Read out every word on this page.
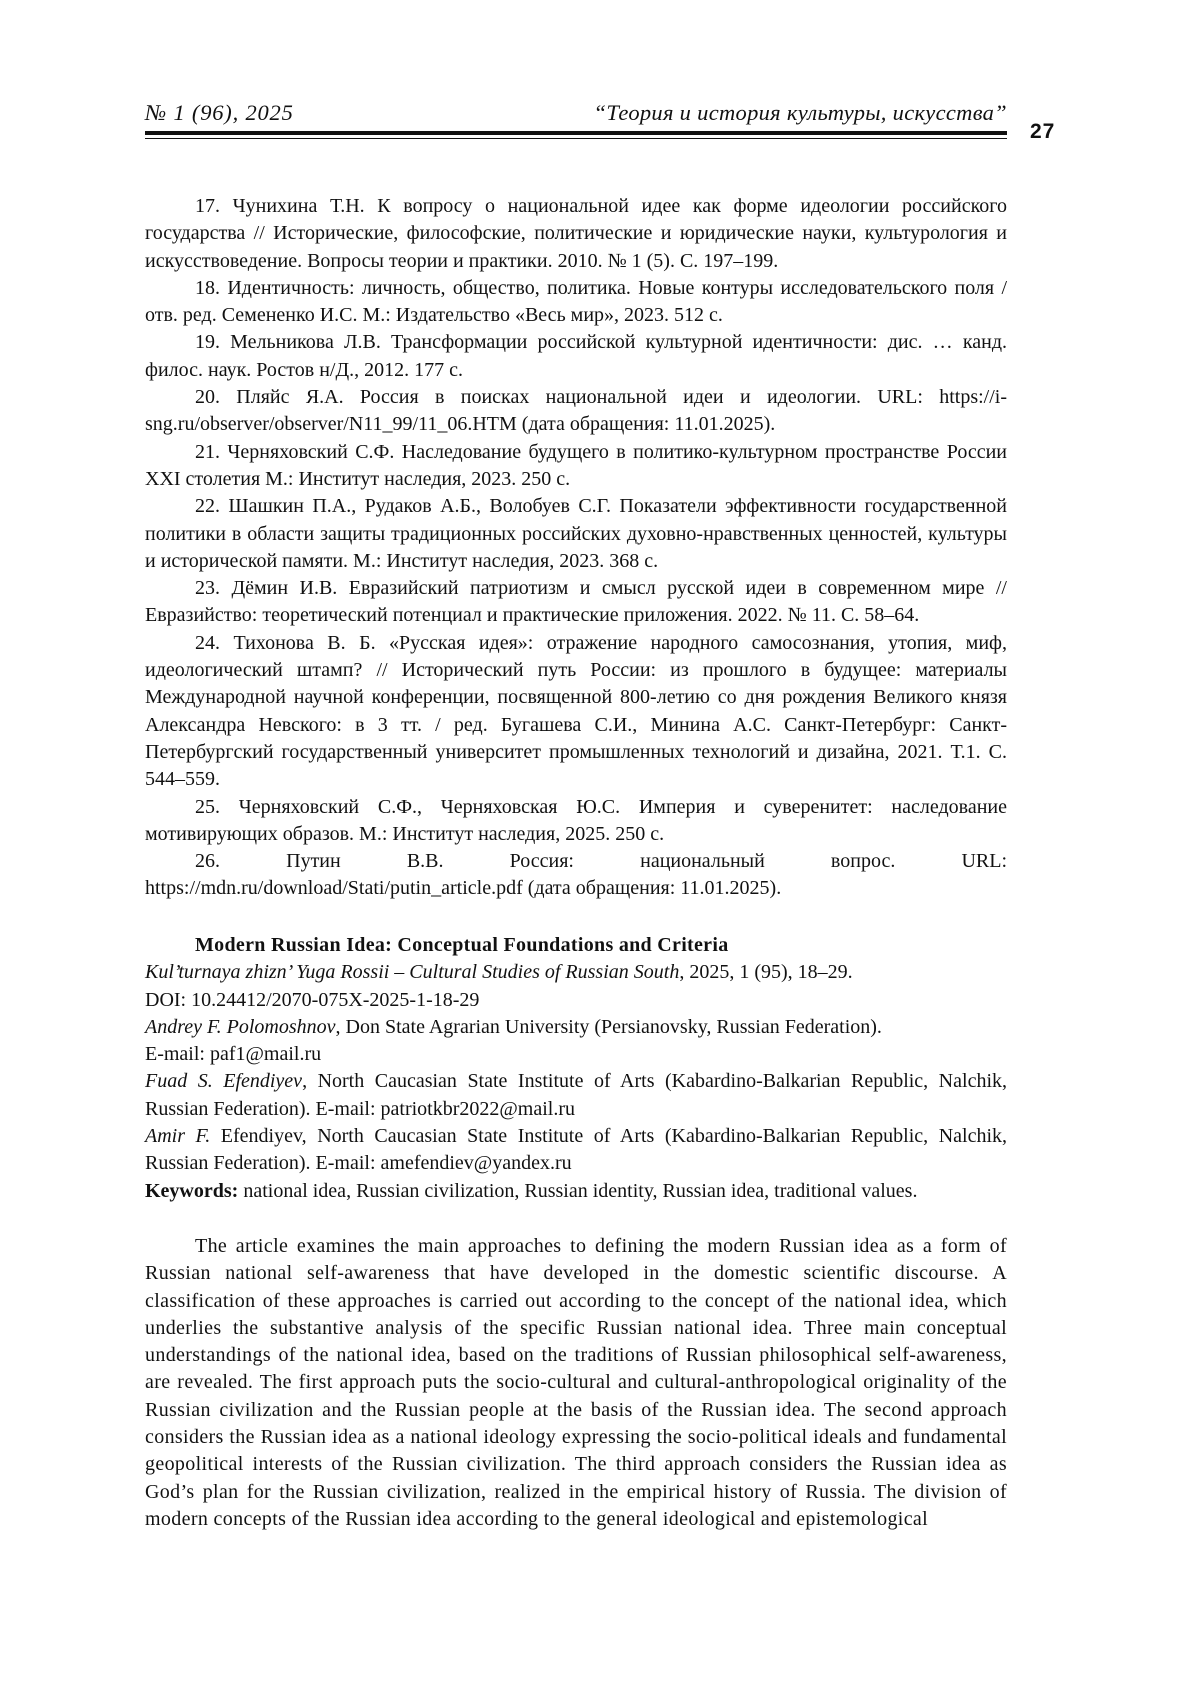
№ 1 (96), 2025	“Теория и история культуры, искусства”
27

17. Чунихина Т.Н. К вопросу о национальной идее как форме идеологии российского государства // Исторические, философские, политические и юридические науки, культурология и искусствоведение. Вопросы теории и практики. 2010. № 1 (5). С. 197–199.

18. Идентичность: личность, общество, политика. Новые контуры исследовательского поля / отв. ред. Семененко И.С. М.: Издательство «Весь мир», 2023. 512 с.

19. Мельникова Л.В. Трансформации российской культурной идентичности: дис. … канд. филос. наук. Ростов н/Д., 2012. 177 с.

20. Пляйс Я.А. Россия в поисках национальной идеи и идеологии. URL: https://i-sng.ru/observer/observer/N11_99/11_06.HTM (дата обращения: 11.01.2025).

21. Черняховский С.Ф. Наследование будущего в политико-культурном пространстве России XXI столетия М.: Институт наследия, 2023. 250 с.

22. Шашкин П.А., Рудаков А.Б., Волобуев С.Г. Показатели эффективности государственной политики в области защиты традиционных российских духовно-нравственных ценностей, культуры и исторической памяти. М.: Институт наследия, 2023. 368 с.

23. Дёмин И.В. Евразийский патриотизм и смысл русской идеи в современном мире // Евразийство: теоретический потенциал и практические приложения. 2022. № 11. С. 58–64.

24. Тихонова В. Б. «Русская идея»: отражение народного самосознания, утопия, миф, идеологический штамп? // Исторический путь России: из прошлого в будущее: материалы Международной научной конференции, посвященной 800-летию со дня рождения Великого князя Александра Невского: в 3 тт. / ред. Бугашева С.И., Минина А.С. Санкт-Петербург: Санкт-Петербургский государственный университет промышленных технологий и дизайна, 2021. Т.1. С. 544–559.

25. Черняховский С.Ф., Черняховская Ю.С. Империя и суверенитет: наследование мотивирующих образов. М.: Институт наследия, 2025. 250 с.

26. Путин В.В. Россия: национальный вопрос. URL: https://mdn.ru/download/Stati/putin_article.pdf (дата обращения: 11.01.2025).

Modern Russian Idea: Conceptual Foundations and Criteria

Kul’turnaya zhizn’ Yuga Rossii – Cultural Studies of Russian South, 2025, 1 (95), 18–29.

DOI: 10.24412/2070-075X-2025-1-18-29

Andrey F. Polomoshnov, Don State Agrarian University (Persianovsky, Russian Federation).

E-mail: paf1@mail.ru

Fuad S. Efendiyev, North Caucasian State Institute of Arts (Kabardino-Balkarian Republic, Nalchik, Russian Federation). E-mail: patriotkbr2022@mail.ru

Amir F. Efendiyev, North Caucasian State Institute of Arts (Kabardino-Balkarian Republic, Nalchik, Russian Federation). E-mail: amefendiev@yandex.ru

Keywords: national idea, Russian civilization, Russian identity, Russian idea, traditional values.

The article examines the main approaches to defining the modern Russian idea as a form of Russian national self-awareness that have developed in the domestic scientific discourse. A classification of these approaches is carried out according to the concept of the national idea, which underlies the substantive analysis of the specific Russian national idea. Three main conceptual understandings of the national idea, based on the traditions of Russian philosophical self-awareness, are revealed. The first approach puts the socio-cultural and cultural-anthropological originality of the Russian civilization and the Russian people at the basis of the Russian idea. The second approach considers the Russian idea as a national ideology expressing the socio-political ideals and fundamental geopolitical interests of the Russian civilization. The third approach considers the Russian idea as God’s plan for the Russian civilization, realized in the empirical history of Russia. The division of modern concepts of the Russian idea according to the general ideological and epistemological
